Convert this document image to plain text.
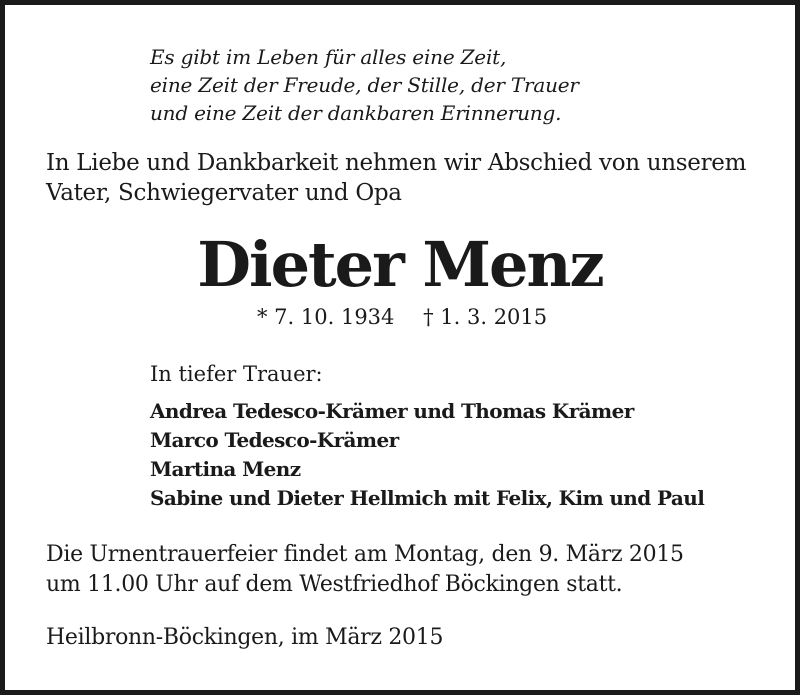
Es gibt im Leben für alles eine Zeit,
eine Zeit der Freude, der Stille, der Trauer
und eine Zeit der dankbaren Erinnerung.
In Liebe und Dankbarkeit nehmen wir Abschied von unserem
Vater, Schwiegervater und Opa
Dieter Menz
* 7. 10. 1934 † 1. 3. 2015
In tiefer Trauer:
Andrea Tedesco-Krämer und Thomas Krämer
Marco Tedesco-Krämer
Martina Menz
Sabine und Dieter Hellmich mit Felix, Kim und Paul
Die Urnentrauerfeier findet am Montag, den 9. März 2015
um 11.00 Uhr auf dem Westfriedhof Böckingen statt.
Heilbronn-Böckingen, im März 2015
